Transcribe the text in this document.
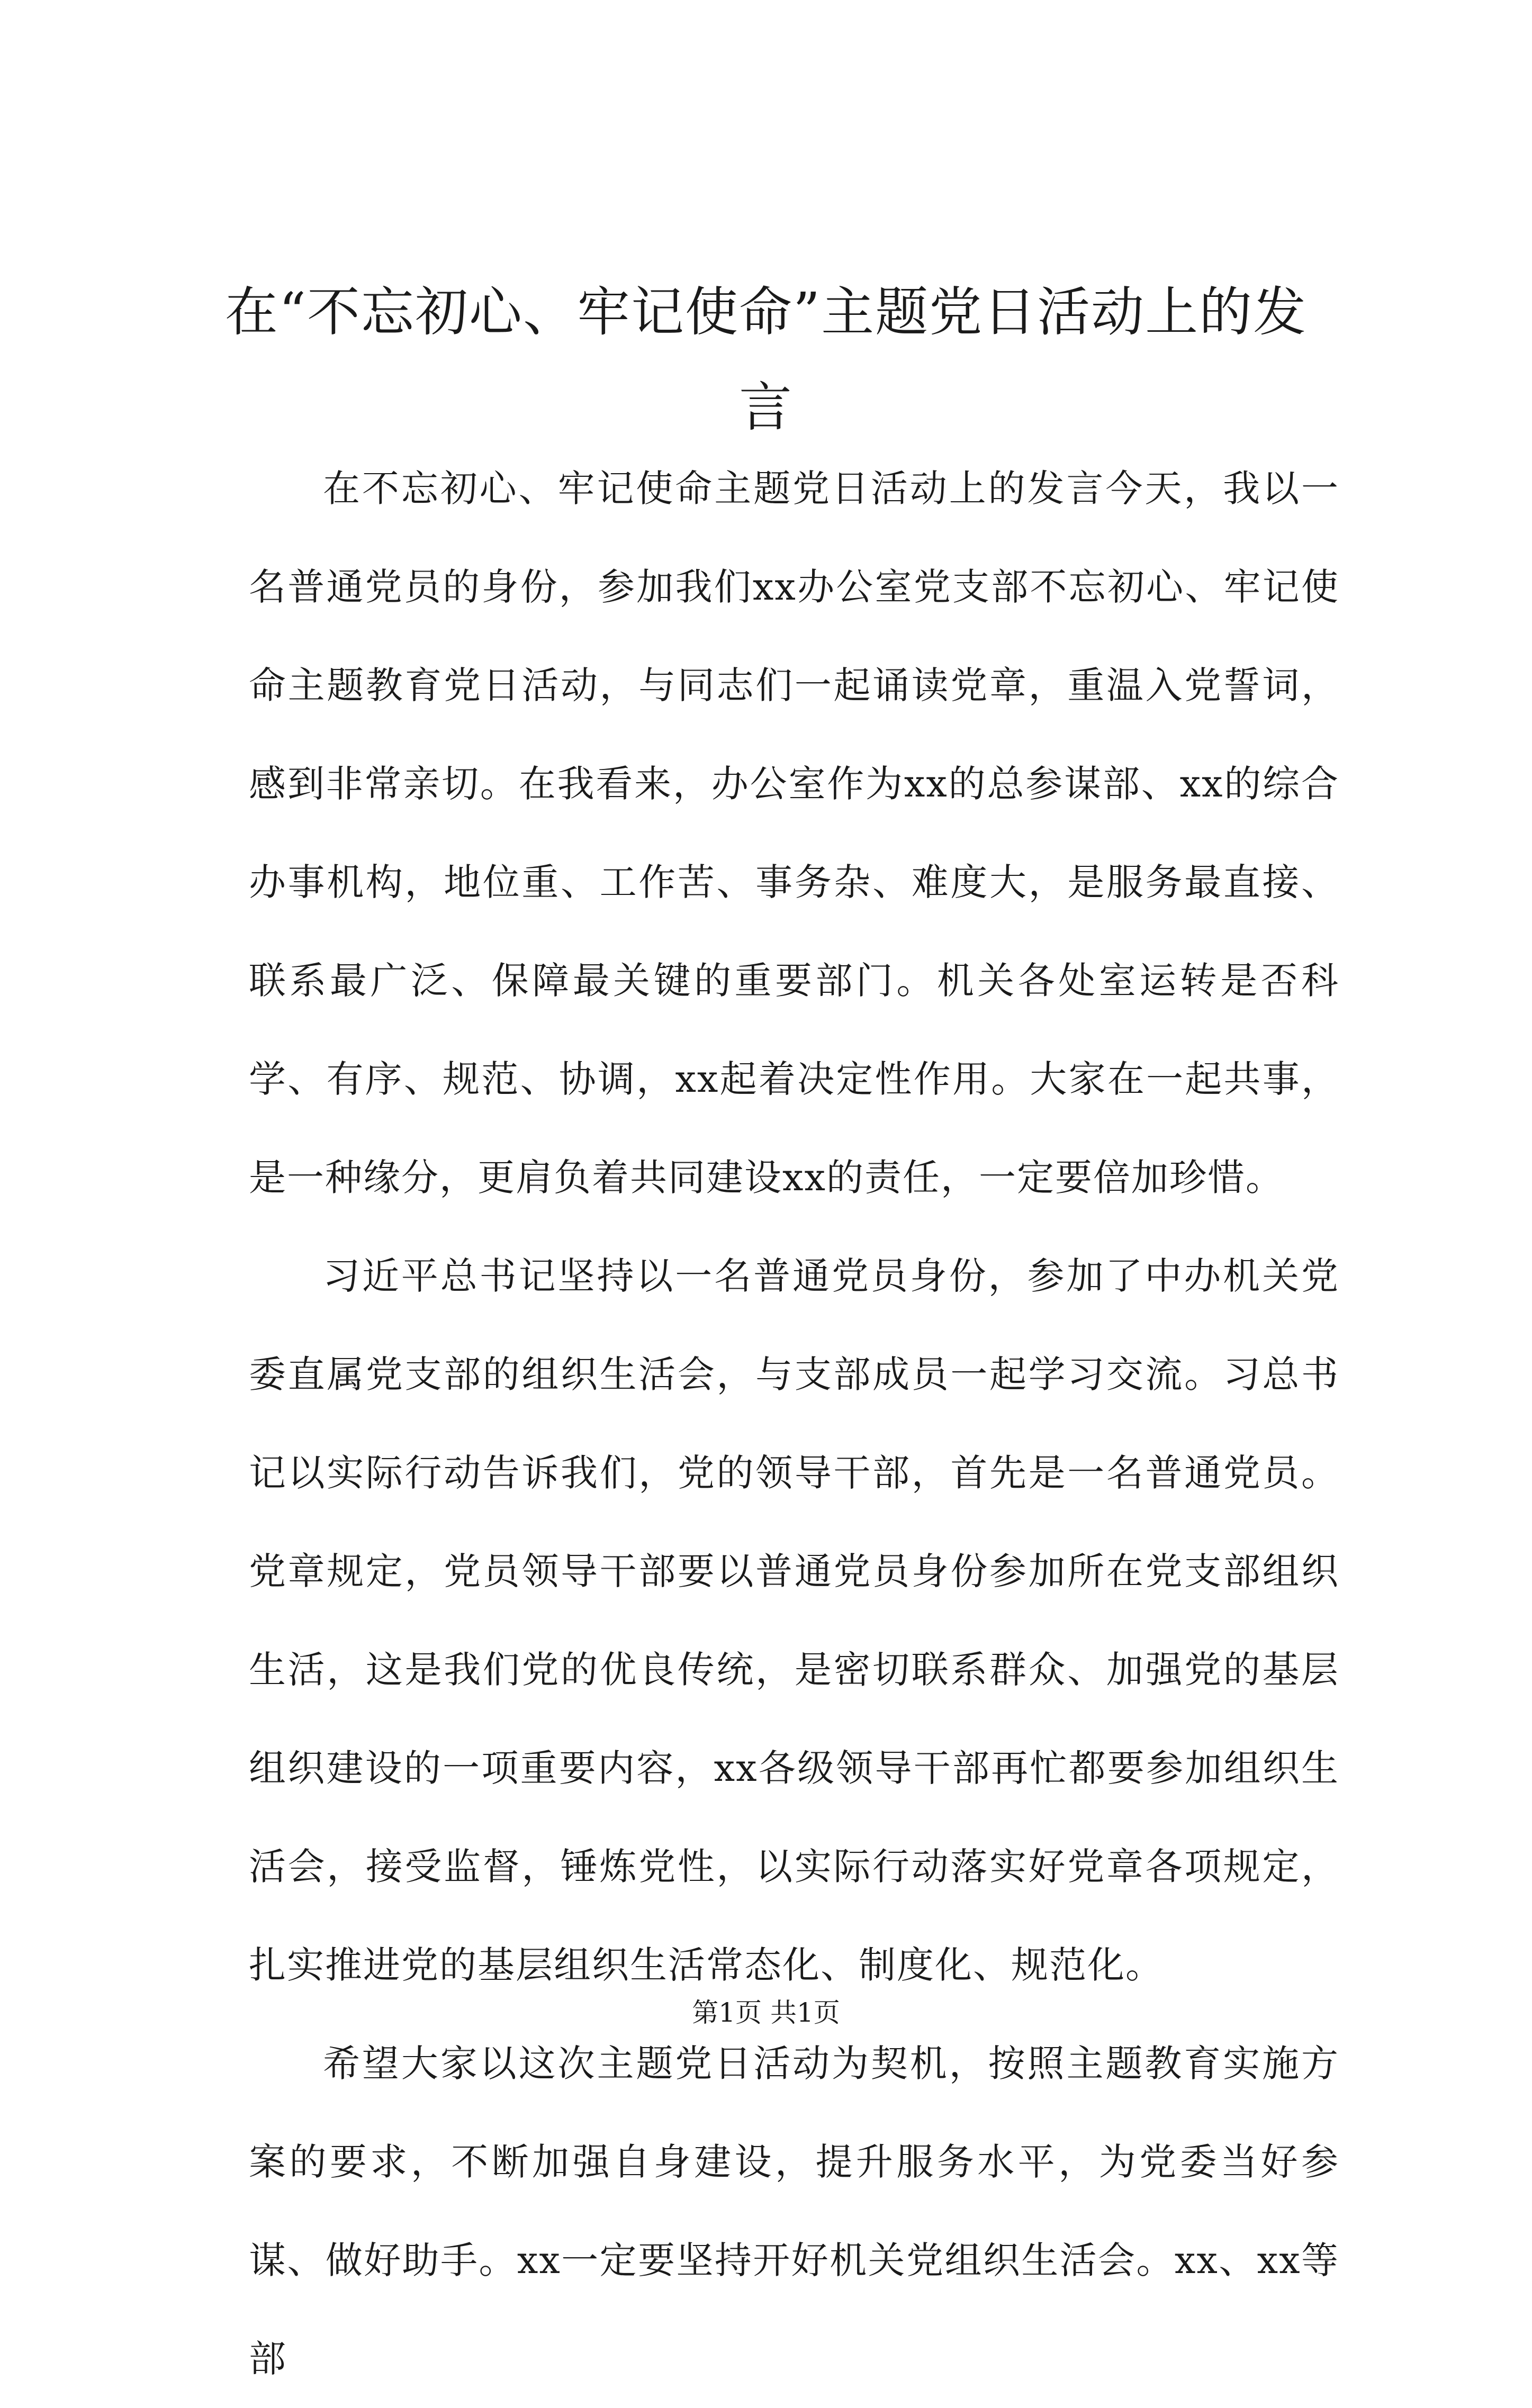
在“不忘初心、牢记使命”主题党日活动上的发言

在不忘初心、牢记使命主题党日活动上的发言今天，我以一名普通党员的身份，参加我们xx办公室党支部不忘初心、牢记使命主题教育党日活动，与同志们一起诵读党章，重温入党誓词，感到非常亲切。在我看来，办公室作为xx的总参谋部、xx的综合办事机构，地位重、工作苦、事务杂、难度大，是服务最直接、联系最广泛、保障最关键的重要部门。机关各处室运转是否科学、有序、规范、协调，xx起着决定性作用。大家在一起共事，是一种缘分，更肩负着共同建设xx的责任，一定要倍加珍惜。

习近平总书记坚持以一名普通党员身份，参加了中办机关党委直属党支部的组织生活会，与支部成员一起学习交流。习总书记以实际行动告诉我们，党的领导干部，首先是一名普通党员。党章规定，党员领导干部要以普通党员身份参加所在党支部组织生活，这是我们党的优良传统，是密切联系群众、加强党的基层组织建设的一项重要内容，xx各级领导干部再忙都要参加组织生活会，接受监督，锤炼党性，以实际行动落实好党章各项规定，扎实推进党的基层组织生活常态化、制度化、规范化。

希望大家以这次主题党日活动为契机，按照主题教育实施方案的要求，不断加强自身建设，提升服务水平，为党委当好参谋、做好助手。xx一定要坚持开好机关党组织生活会。xx、xx等部

第1页 共1页
